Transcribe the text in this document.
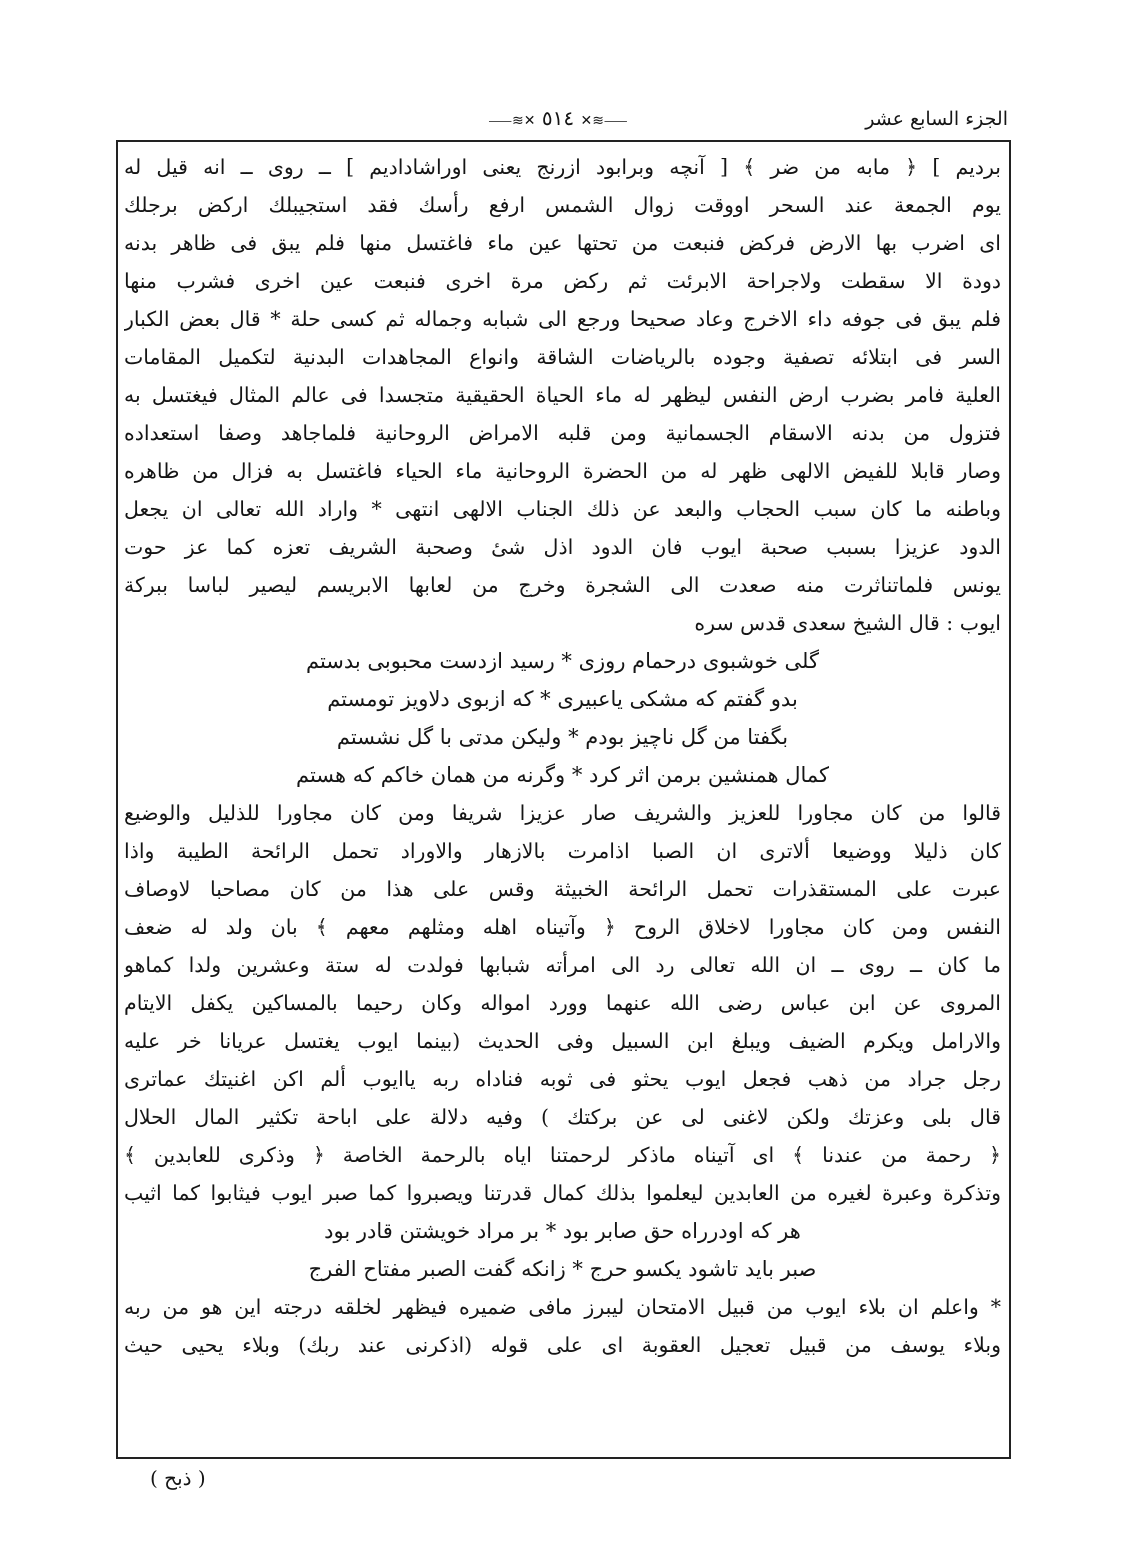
الجزء السابع عشر
⸺≋✕ ٥١٤ ✕≋⸺
بردیم ] ﴿ مابه من ضر ﴾ [ آنچه وبرابود ازرنج یعنی اوراشادادیم ] ــ روی ــ انه قیل له
یوم الجمعة عند السحر اووقت زوال الشمس ارفع رأسك فقد استجیبلك ارکض برجلك
ای اضرب بها الارض فرکض فنبعت من تحتها عین ماء فاغتسل منها فلم یبق فی ظاهر بدنه
دودة الا سقطت ولاجراحة الابرئت ثم رکض مرة اخری فنبعت عین اخری فشرب منها
فلم یبق فی جوفه داء الاخرج وعاد صحیحا ورجع الی شبابه وجماله ثم کسی حلة * قال بعض الکبار
السر فی ابتلائه تصفیة وجوده بالریاضات الشاقة وانواع المجاهدات البدنیة لتکمیل المقامات
العلیة فامر بضرب ارض النفس لیظهر له ماء الحیاة الحقیقیة متجسدا فی عالم المثال فیغتسل به
فتزول من بدنه الاسقام الجسمانیة ومن قلبه الامراض الروحانیة فلماجاهد وصفا استعداده
وصار قابلا للفیض الالهی ظهر له من الحضرة الروحانیة ماء الحیاء فاغتسل به فزال من ظاهره
وباطنه ما کان سبب الحجاب والبعد عن ذلك الجناب الالهی انتهی * واراد الله تعالی ان یجعل
الدود عزیزا بسبب صحبة ایوب فان الدود اذل شیٔ وصحبة الشریف تعزه کما عز حوت
یونس فلماتناثرت منه صعدت الی الشجرة وخرج من لعابها الابریسم لیصیر لباسا ببرکة
ایوب : قال الشیخ سعدی قدس سره
گلی خوشبوی درحمام روزی * رسید ازدست محبوبی بدستم
بدو گفتم که مشکی یاعبیری * که ازبوی دلاویز تومستم
بگفتا من گل ناچیز بودم * ولیکن مدتی با گل نشستم
کمال همنشین برمن اثر کرد * وگرنه من همان خاکم که هستم
قالوا من کان مجاورا للعزیز والشریف صار عزیزا شریفا ومن کان مجاورا للذلیل والوضیع
کان ذلیلا ووضیعا ألاتری ان الصبا اذامرت بالازهار والاوراد تحمل الرائحة الطیبة واذا
عبرت علی المستقذرات تحمل الرائحة الخبیثة وقس علی هذا من کان مصاحبا لاوصاف
النفس ومن کان مجاورا لاخلاق الروح ﴿ وآتیناه اهله ومثلهم معهم ﴾ بان ولد له ضعف
ما کان ــ روی ــ ان الله تعالی رد الی امرأته شبابها فولدت له ستة وعشرین ولدا کماهو
المروی عن ابن عباس رضی الله عنهما وورد امواله وکان رحیما بالمساکین یکفل الایتام
والارامل ویکرم الضیف ویبلغ ابن السبیل وفی الحدیث (بینما ایوب یغتسل عریانا خر علیه
رجل جراد من ذهب فجعل ایوب یحثو فی ثوبه فناداه ربه یاایوب ألم اکن اغنیتك عماتری
قال بلی وعزتك ولکن لاغنی لی عن برکتك ) وفیه دلالة علی اباحة تکثیر المال الحلال
﴿ رحمة من عندنا ﴾ ای آتیناه ماذکر لرحمتنا ایاه بالرحمة الخاصة ﴿ وذکری للعابدین ﴾
وتذکرة وعبرة لغیره من العابدین لیعلموا بذلك کمال قدرتنا ویصبروا کما صبر ایوب فیثابوا کما اثیب
هر که اودرراه حق صابر بود * بر مراد خویشتن قادر بود
صبر باید تاشود یکسو حرج * زانکه گفت الصبر مفتاح الفرج
* واعلم ان بلاء ایوب من قبیل الامتحان لیبرز مافی ضمیره فیظهر لخلقه درجته این هو من ربه
وبلاء یوسف من قبیل تعجیل العقوبة ای علی قوله (اذکرنی عند ربك) وبلاء یحیی حیث
( ذبح )
